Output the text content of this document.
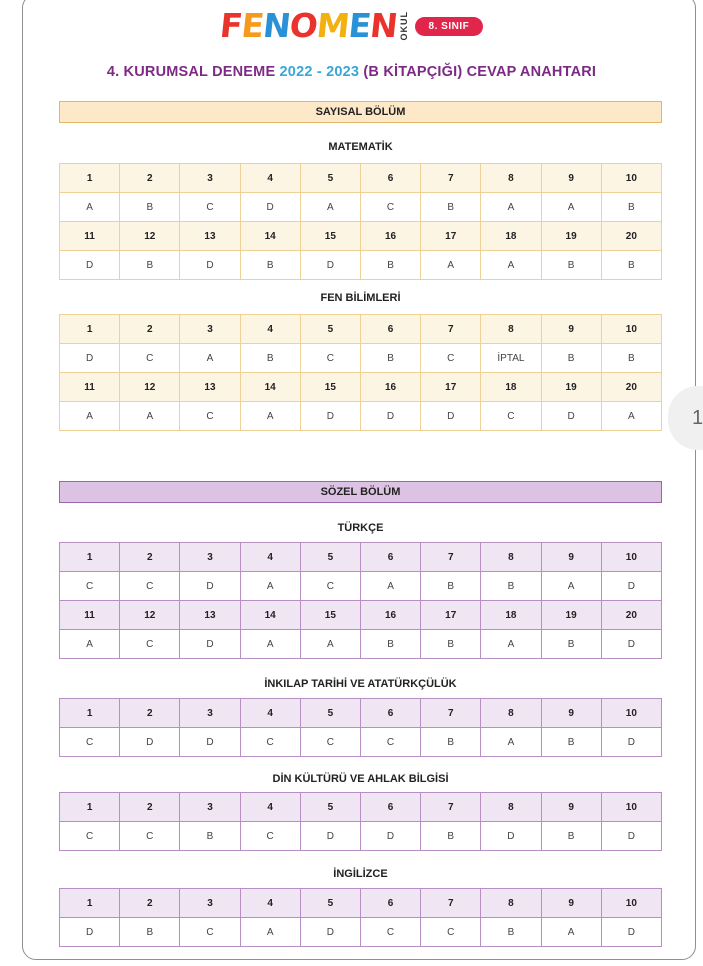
FENOMENOKUL 8. SINIF
4. KURUMSAL DENEME 2022 - 2023 (B KİTAPÇIĞI) CEVAP ANAHTARI
SAYISAL BÖLÜM
SÖZEL BÖLÜM
MATEMATİK
1	2	3	4	5	6	7	8	9	10
A	B	C	D	A	C	B	A	A	B
11	12	13	14	15	16	17	18	19	20
D	B	D	B	D	B	A	A	B	B
FEN BİLİMLERİ
1	2	3	4	5	6	7	8	9	10
D	C	A	B	C	B	C	İPTAL	B	B
11	12	13	14	15	16	17	18	19	20
A	A	C	A	D	D	D	C	D	A
TÜRKÇE
1	2	3	4	5	6	7	8	9	10
C	C	D	A	C	A	B	B	A	D
11	12	13	14	15	16	17	18	19	20
A	C	D	A	A	B	B	A	B	D
İNKILAP TARİHİ VE ATATÜRKÇÜLÜK
1	2	3	4	5	6	7	8	9	10
C	D	D	C	C	C	B	A	B	D
DİN KÜLTÜRÜ VE AHLAK BİLGİSİ
1	2	3	4	5	6	7	8	9	10
C	C	B	C	D	D	B	D	B	D
İNGİLİZCE
1	2	3	4	5	6	7	8	9	10
D	B	C	A	D	C	C	B	A	D
1
